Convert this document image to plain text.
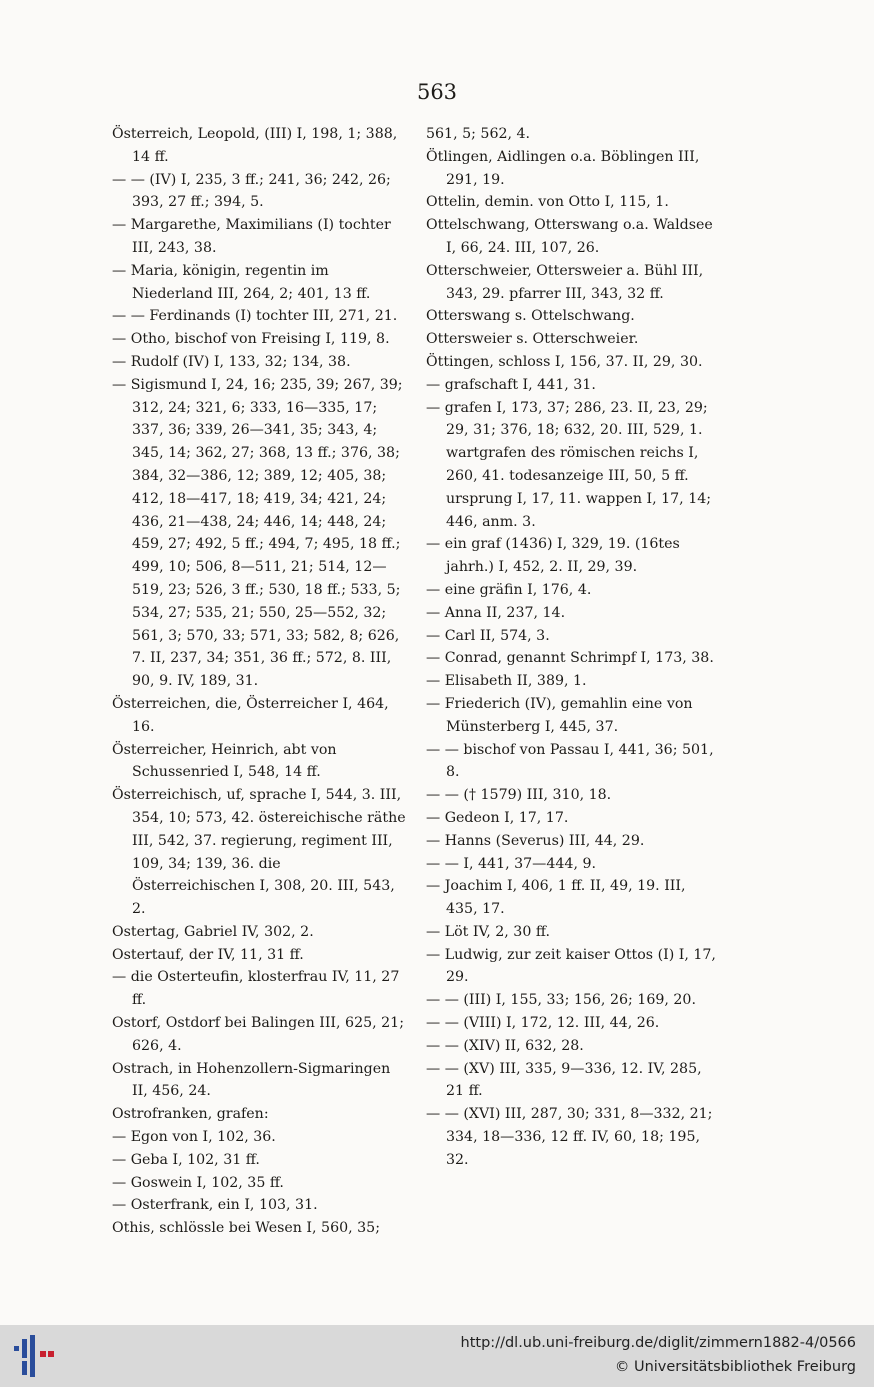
563

Österreich, Leopold, (III) I, 198, 1; 388, 14 ff.

— — (IV) I, 235, 3 ff.; 241, 36; 242, 26; 393, 27 ff.; 394, 5.

— Margarethe, Maximilians (I) tochter III, 243, 38.

— Maria, königin, regentin im Niederland III, 264, 2; 401, 13 ff.

— — Ferdinands (I) tochter III, 271, 21.

— Otho, bischof von Freising I, 119, 8.

— Rudolf (IV) I, 133, 32; 134, 38.

— Sigismund I, 24, 16; 235, 39; 267, 39; 312, 24; 321, 6; 333, 16—335, 17; 337, 36; 339, 26—341, 35; 343, 4; 345, 14; 362, 27; 368, 13 ff.; 376, 38; 384, 32—386, 12; 389, 12; 405, 38; 412, 18—417, 18; 419, 34; 421, 24; 436, 21—438, 24; 446, 14; 448, 24; 459, 27; 492, 5 ff.; 494, 7; 495, 18 ff.; 499, 10; 506, 8—511, 21; 514, 12—519, 23; 526, 3 ff.; 530, 18 ff.; 533, 5; 534, 27; 535, 21; 550, 25—552, 32; 561, 3; 570, 33; 571, 33; 582, 8; 626, 7. II, 237, 34; 351, 36 ff.; 572, 8. III, 90, 9. IV, 189, 31.

Österreichen, die, Österreicher I, 464, 16.

Österreicher, Heinrich, abt von Schussenried I, 548, 14 ff.

Österreichisch, uf, sprache I, 544, 3. III, 354, 10; 573, 42. östereichische räthe III, 542, 37. regierung, regiment III, 109, 34; 139, 36. die Österreichischen I, 308, 20. III, 543, 2.

Ostertag, Gabriel IV, 302, 2.

Ostertauf, der IV, 11, 31 ff.

— die Osterteufin, klosterfrau IV, 11, 27 ff.

Ostorf, Ostdorf bei Balingen III, 625, 21; 626, 4.

Ostrach, in Hohenzollern-Sigmaringen II, 456, 24.

Ostrofranken, grafen:

— Egon von I, 102, 36.

— Geba I, 102, 31 ff.

— Goswein I, 102, 35 ff.

— Osterfrank, ein I, 103, 31.

Othis, schlössle bei Wesen I, 560, 35;

561, 5; 562, 4.

Ötlingen, Aidlingen o.a. Böblingen III, 291, 19.

Ottelin, demin. von Otto I, 115, 1.

Ottelschwang, Otterswang o.a. Waldsee I, 66, 24. III, 107, 26.

Otterschweier, Ottersweier a. Bühl III, 343, 29. pfarrer III, 343, 32 ff.

Otterswang s. Ottelschwang.

Ottersweier s. Otterschweier.

Öttingen, schloss I, 156, 37. II, 29, 30.

— grafschaft I, 441, 31.

— grafen I, 173, 37; 286, 23. II, 23, 29; 29, 31; 376, 18; 632, 20. III, 529, 1. wartgrafen des römischen reichs I, 260, 41. todesanzeige III, 50, 5 ff. ursprung I, 17, 11. wappen I, 17, 14; 446, anm. 3.

— ein graf (1436) I, 329, 19. (16tes jahrh.) I, 452, 2. II, 29, 39.

— eine gräfin I, 176, 4.

— Anna II, 237, 14.

— Carl II, 574, 3.

— Conrad, genannt Schrimpf I, 173, 38.

— Elisabeth II, 389, 1.

— Friederich (IV), gemahlin eine von Münsterberg I, 445, 37.

— — bischof von Passau I, 441, 36; 501, 8.

— — († 1579) III, 310, 18.

— Gedeon I, 17, 17.

— Hanns (Severus) III, 44, 29.

— — I, 441, 37—444, 9.

— Joachim I, 406, 1 ff. II, 49, 19. III, 435, 17.

— Löt IV, 2, 30 ff.

— Ludwig, zur zeit kaiser Ottos (I) I, 17, 29.

— — (III) I, 155, 33; 156, 26; 169, 20.

— — (VIII) I, 172, 12. III, 44, 26.

— — (XIV) II, 632, 28.

— — (XV) III, 335, 9—336, 12. IV, 285, 21 ff.

— — (XVI) III, 287, 30; 331, 8—332, 21; 334, 18—336, 12 ff. IV, 60, 18; 195, 32.

http://dl.ub.uni-freiburg.de/diglit/zimmern1882-4/0566
© Universitätsbibliothek Freiburg
